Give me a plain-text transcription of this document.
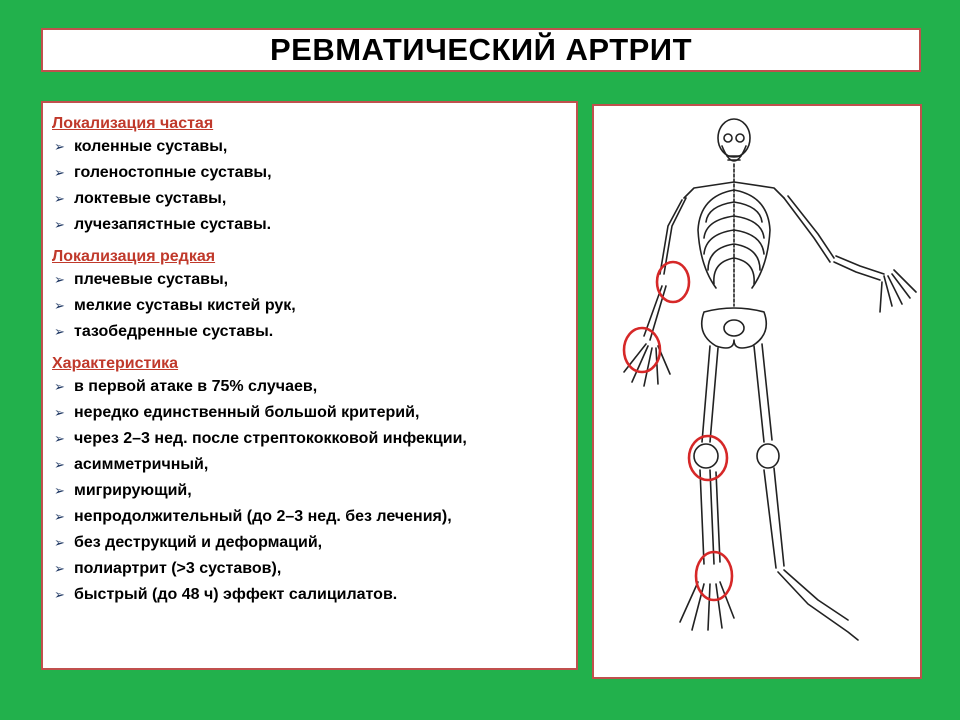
РЕВМАТИЧЕСКИЙ АРТРИТ
Локализация частая
➢ коленные суставы,
➢ голеностопные суставы,
➢ локтевые суставы,
➢ лучезапястные суставы.
Локализация редкая
➢ плечевые суставы,
➢ мелкие суставы кистей рук,
➢ тазобедренные суставы.
Характеристика
➢ в первой атаке в 75% случаев,
➢ нередко единственный большой критерий,
➢ через 2–3 нед. после стрептококковой инфекции,
➢ асимметричный,
➢ мигрирующий,
➢ непродолжительный (до 2–3 нед. без лечения),
➢ без деструкций и деформаций,
➢ полиартрит (>3 суставов),
➢ быстрый (до 48 ч) эффект салицилатов.
